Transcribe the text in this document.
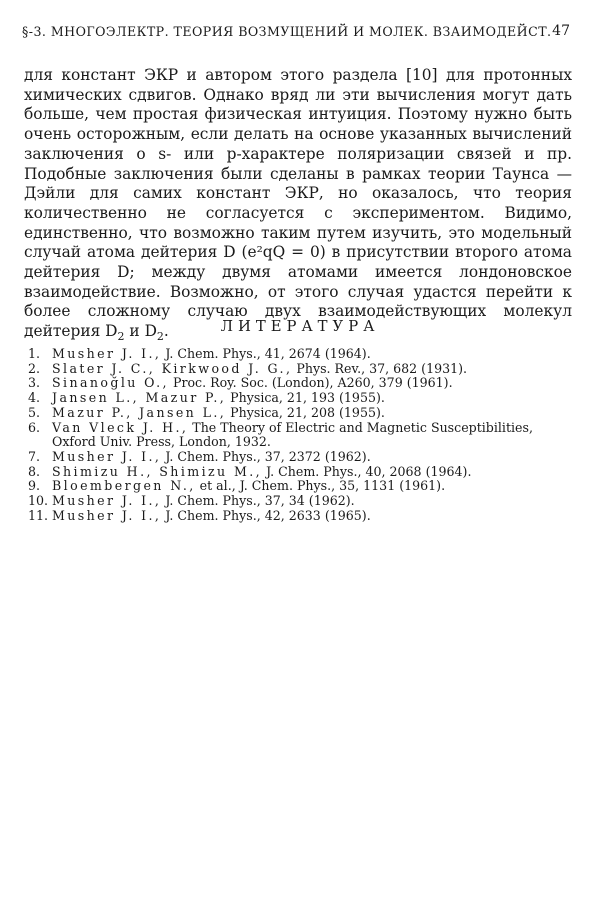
§-3. МНОГОЭЛЕКТР. ТЕОРИЯ ВОЗМУЩЕНИЙ И МОЛЕК. ВЗАИМОДЕЙСТ. 47

для констант ЭКР и автором этого раздела [10] для протонных химических сдвигов. Однако вряд ли эти вычисления могут дать больше, чем простая физическая интуиция. Поэтому нужно быть очень осторожным, если делать на основе указанных вычислений заключения о s- или p-характере поляризации связей и пр. Подобные заключения были сделаны в рамках теории Таунса — Дэйли для самих констант ЭКР, но оказалось, что теория количественно не согласуется с экспериментом. Видимо, единственно, что возможно таким путем изучить, это модельный случай атома дейтерия D (e²qQ = 0) в присутствии второго атома дейтерия D; между двумя атомами имеется лондоновское взаимодействие. Возможно, от этого случая удастся перейти к более сложному случаю двух взаимодействующих молекул дейтерия $D_2$ и $D_2$.	ЛИТЕРАТУРА
1. Musher J. I., J. Chem. Phys., 41, 2674 (1964).
2. Slater J. C., Kirkwood J. G., Phys. Rev., 37, 682 (1931).
3. Sinanoğlu O., Proc. Roy. Soc. (London), A260, 379 (1961).
4. Jansen L., Mazur P., Physica, 21, 193 (1955).
5. Mazur P., Jansen L., Physica, 21, 208 (1955).
6. Van Vleck J. H., The Theory of Electric and Magnetic Susceptibilities,
Oxford Univ. Press, London, 1932.
7. Musher J. I., J. Chem. Phys., 37, 2372 (1962).
8. Shimizu H., Shimizu M., J. Chem. Phys., 40, 2068 (1964).
9. Bloembergen N., et al., J. Chem. Phys., 35, 1131 (1961).
10. Musher J. I., J. Chem. Phys., 37, 34 (1962).
11. Musher J. I., J. Chem. Phys., 42, 2633 (1965).
